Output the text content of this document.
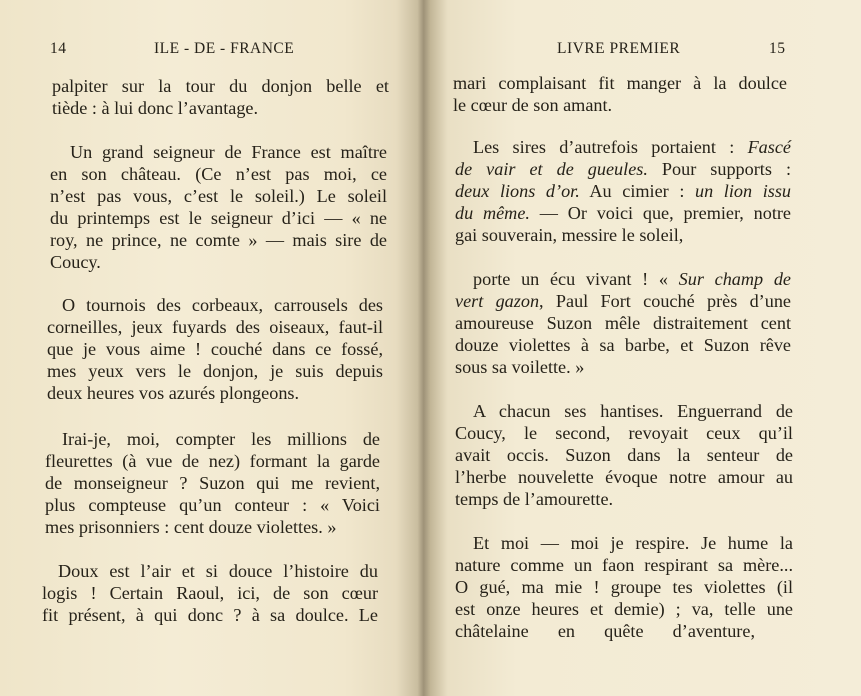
14	ILE - DE - FRANCE
palpiter sur la tour du donjon belle et
tiède : à lui donc l’avantage.
Un grand seigneur de France est maître
en son château. (Ce n’est pas moi, ce
n’est pas vous, c’est le soleil.) Le soleil
du printemps est le seigneur d’ici — « ne
roy, ne prince, ne comte » — mais sire de
Coucy.
O tournois des corbeaux, carrousels des
corneilles, jeux fuyards des oiseaux, faut-il
que je vous aime ! couché dans ce fossé,
mes yeux vers le donjon, je suis depuis
deux heures vos azurés plongeons.
Irai-je, moi, compter les millions de
fleurettes (à vue de nez) formant la garde
de monseigneur ? Suzon qui me revient,
plus compteuse qu’un conteur : « Voici
mes prisonniers : cent douze violettes. »
Doux est l’air et si douce l’histoire du
logis ! Certain Raoul, ici, de son cœur
fit présent, à qui donc ? à sa doulce. Le
LIVRE PREMIER	15
mari complaisant fit manger à la doulce
le cœur de son amant.
Les sires d’autrefois portaient : Fascé
de vair et de gueules. Pour supports :
deux lions d’or. Au cimier : un lion issu
du même. — Or voici que, premier, notre
gai souverain, messire le soleil,
porte un écu vivant ! « Sur champ de
vert gazon, Paul Fort couché près d’une
amoureuse Suzon mêle distraitement cent
douze violettes à sa barbe, et Suzon rêve
sous sa voilette. »
A chacun ses hantises. Enguerrand de
Coucy, le second, revoyait ceux qu’il
avait occis. Suzon dans la senteur de
l’herbe nouvelette évoque notre amour au
temps de l’amourette.
Et moi — moi je respire. Je hume la
nature comme un faon respirant sa mère...
O gué, ma mie ! groupe tes violettes (il
est onze heures et demie) ; va, telle une
châtelaine en quête d’aventure,
